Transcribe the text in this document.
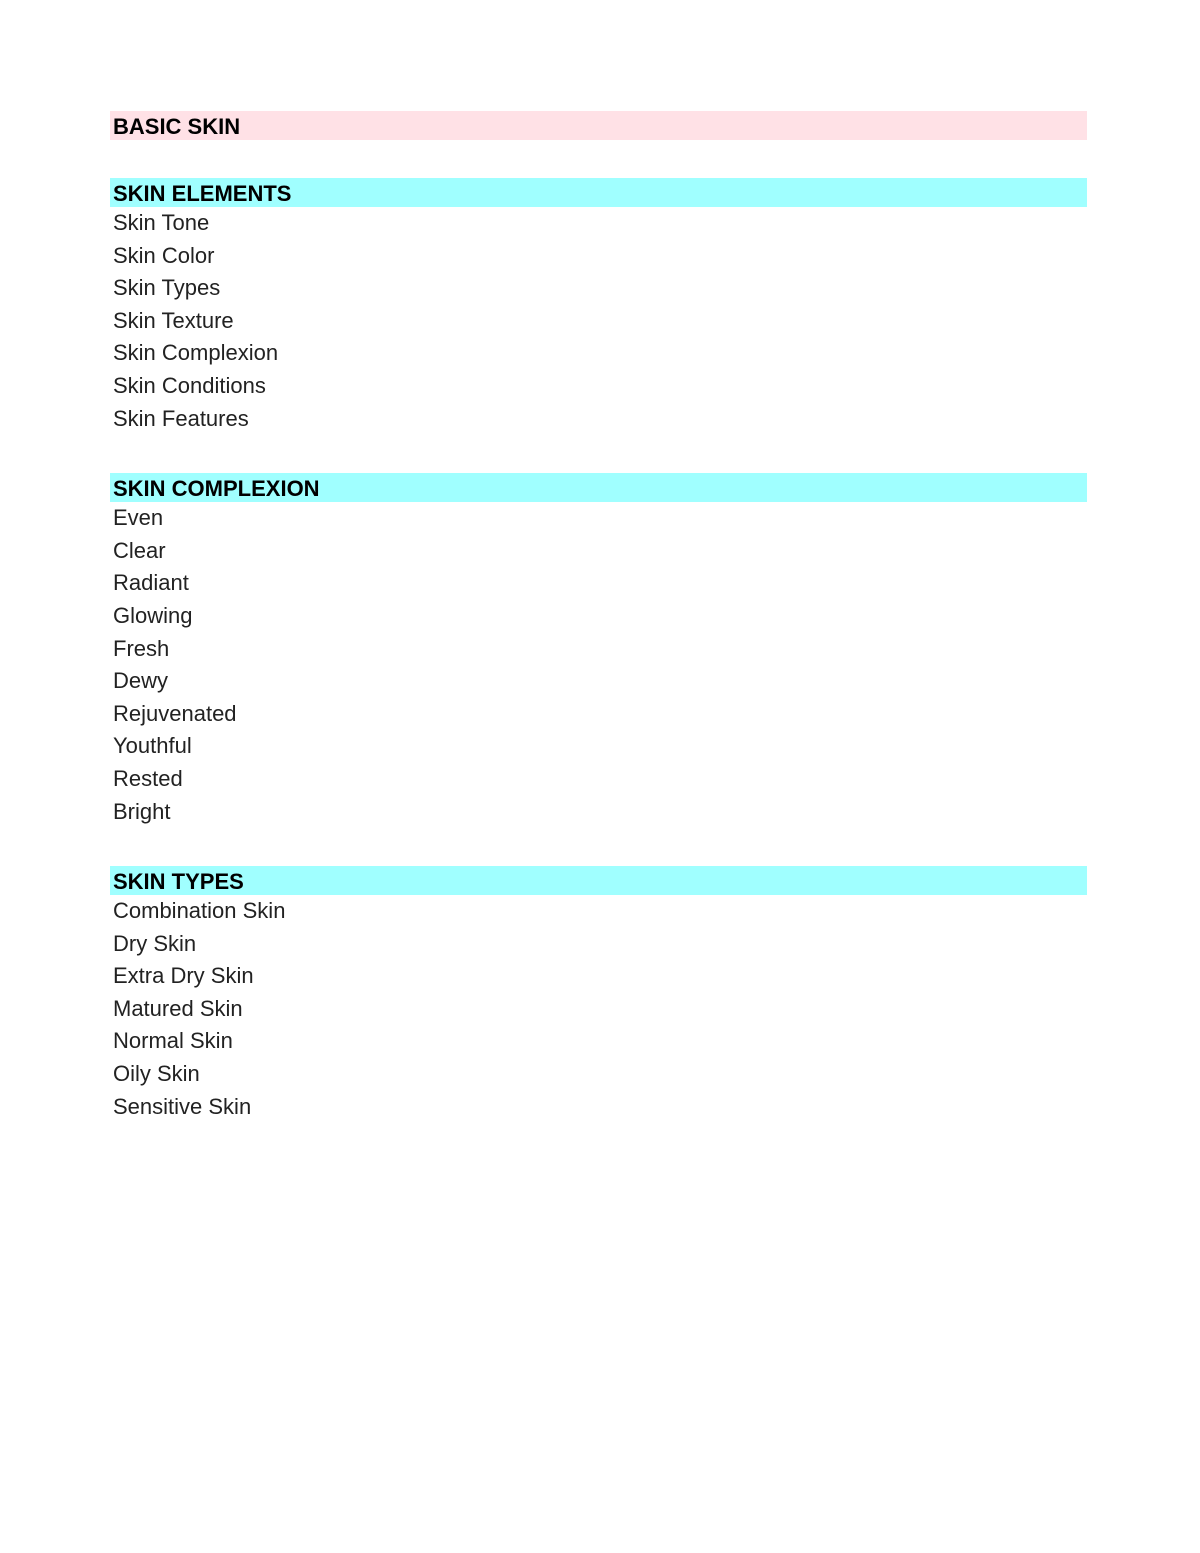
BASIC SKIN
SKIN ELEMENTS
Skin Tone
Skin Color
Skin Types
Skin Texture
Skin Complexion
Skin Conditions
Skin Features
SKIN COMPLEXION
Even
Clear
Radiant
Glowing
Fresh
Dewy
Rejuvenated
Youthful
Rested
Bright
SKIN TYPES
Combination Skin
Dry Skin
Extra Dry Skin
Matured Skin
Normal Skin
Oily Skin
Sensitive Skin
